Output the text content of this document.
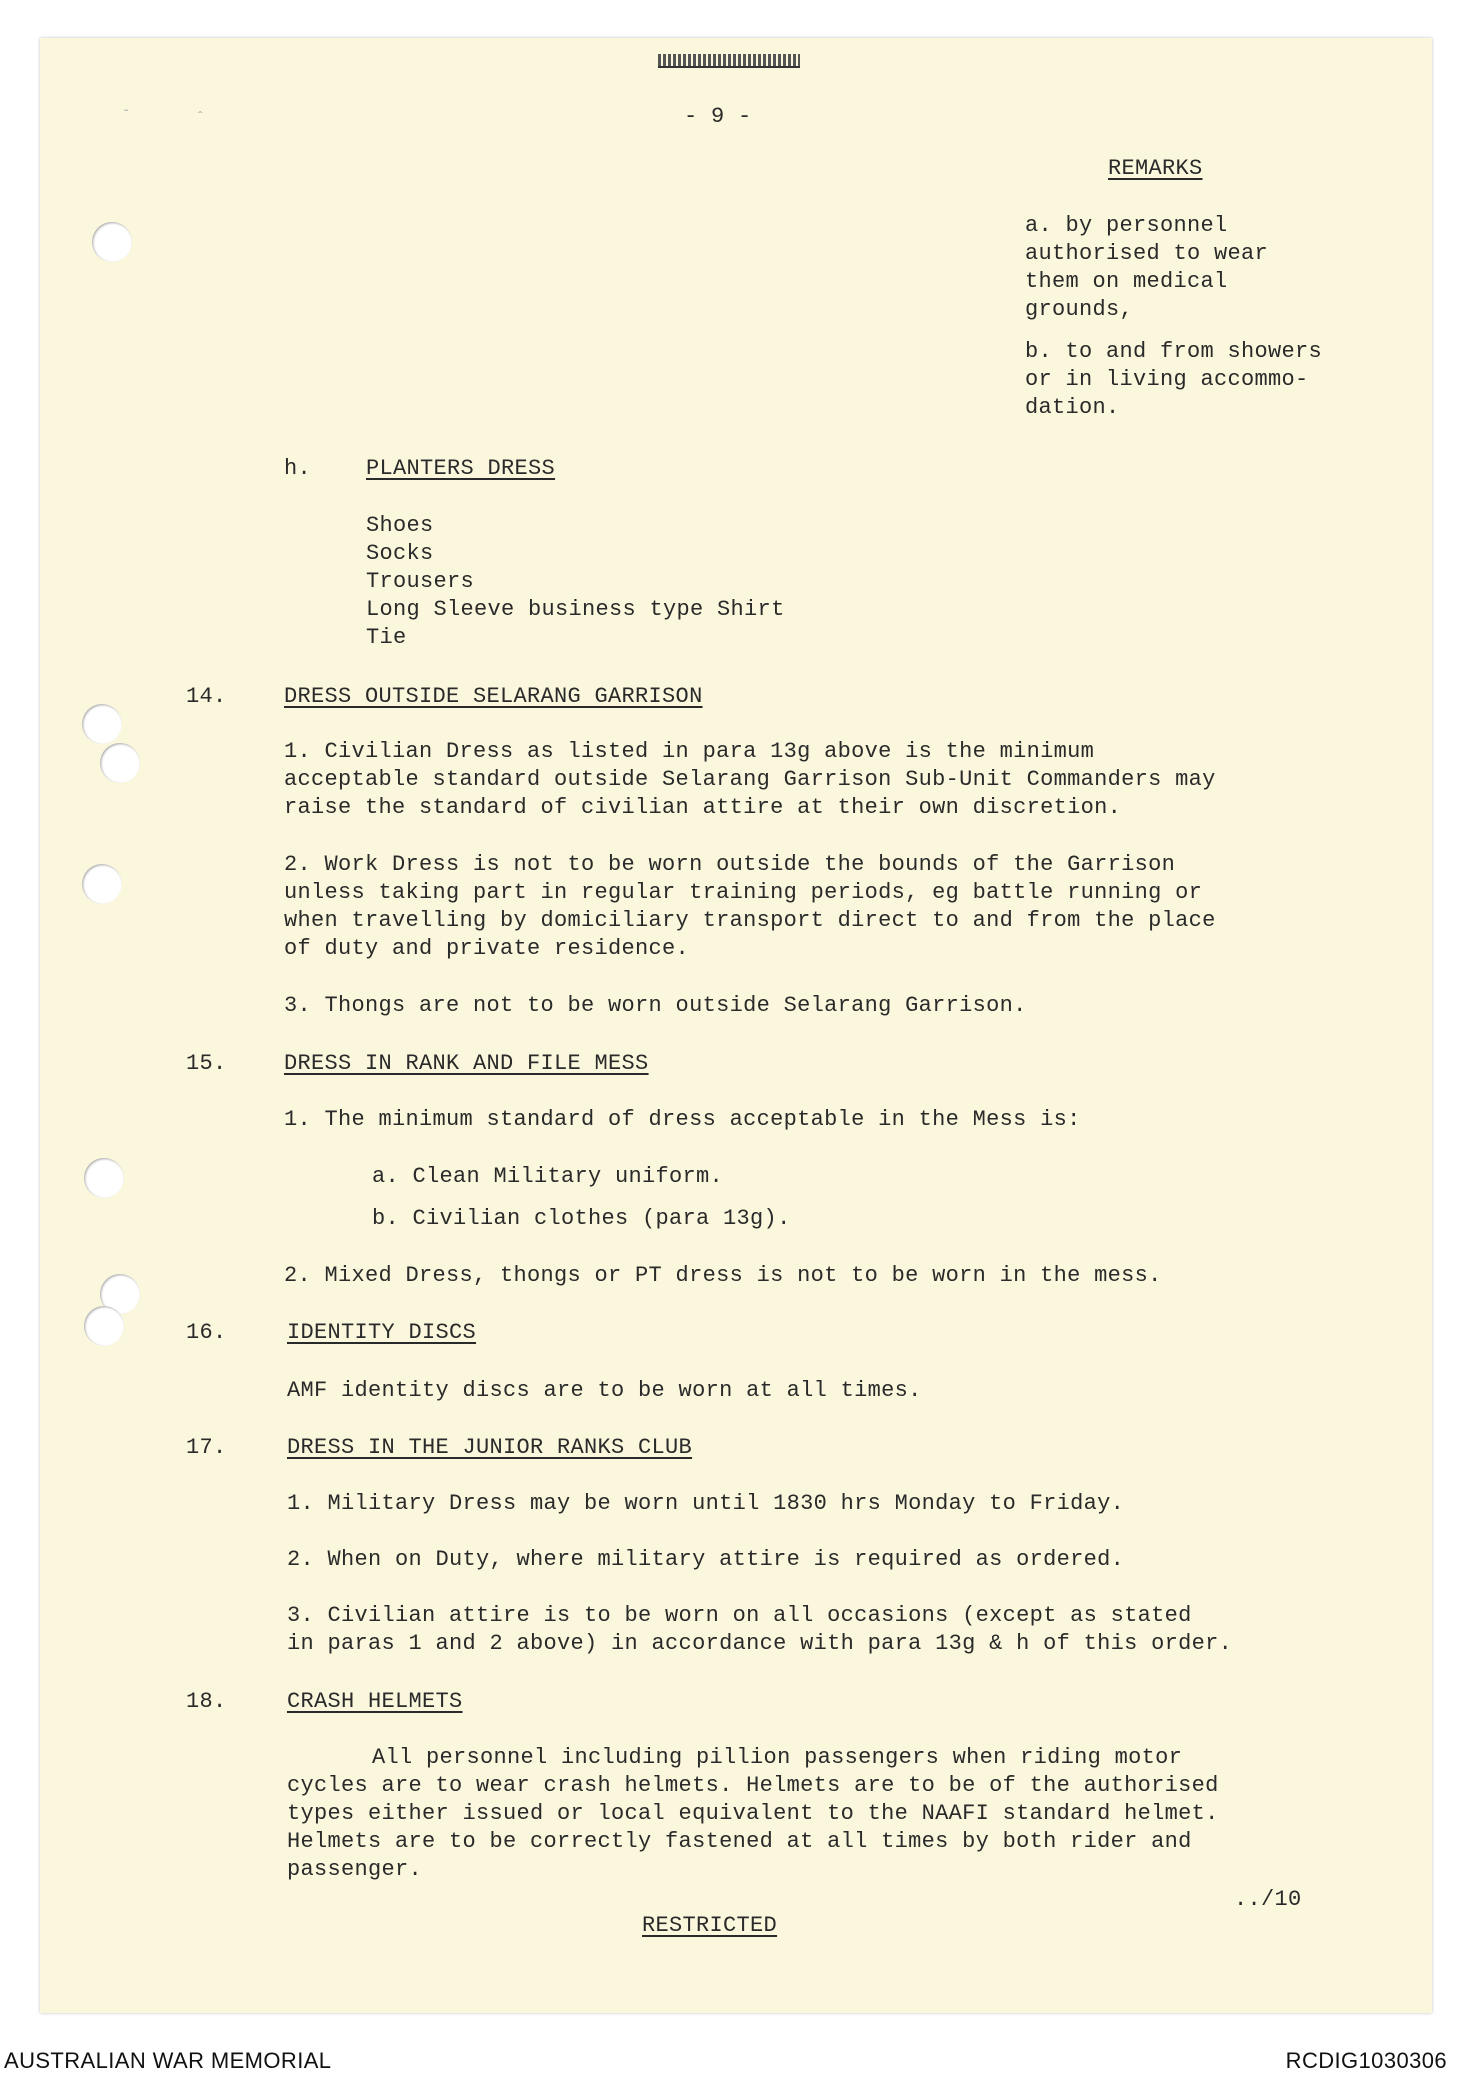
˘	ˆ	- 9 -
REMARKS
a. by personnel
authorised to wear
them on medical
grounds,
b. to and from showers
or in living accommo-
dation.
h. PLANTERS DRESS
Shoes
Socks
Trousers
Long Sleeve business type Shirt
Tie
14.	DRESS OUTSIDE SELARANG GARRISON
1. Civilian Dress as listed in para 13g above is the minimum
acceptable standard outside Selarang Garrison Sub-Unit Commanders may
raise the standard of civilian attire at their own discretion.
2. Work Dress is not to be worn outside the bounds of the Garrison
unless taking part in regular training periods, eg battle running or
when travelling by domiciliary transport direct to and from the place
of duty and private residence.
3. Thongs are not to be worn outside Selarang Garrison.
15.	DRESS IN RANK AND FILE MESS
1. The minimum standard of dress acceptable in the Mess is:
a. Clean Military uniform.
b. Civilian clothes (para 13g).
2. Mixed Dress, thongs or PT dress is not to be worn in the mess.
16.	IDENTITY DISCS
AMF identity discs are to be worn at all times.
17.	DRESS IN THE JUNIOR RANKS CLUB
1. Military Dress may be worn until 1830 hrs Monday to Friday.
2. When on Duty, where military attire is required as ordered.
3. Civilian attire is to be worn on all occasions (except as stated
in paras 1 and 2 above) in accordance with para 13g & h of this order.
18.	CRASH HELMETS
All personnel including pillion passengers when riding motor
cycles are to wear crash helmets. Helmets are to be of the authorised
types either issued or local equivalent to the NAAFI standard helmet.
Helmets are to be correctly fastened at all times by both rider and
passenger.
../10
RESTRICTED
AUSTRALIAN WAR MEMORIAL	RCDIG1030306
